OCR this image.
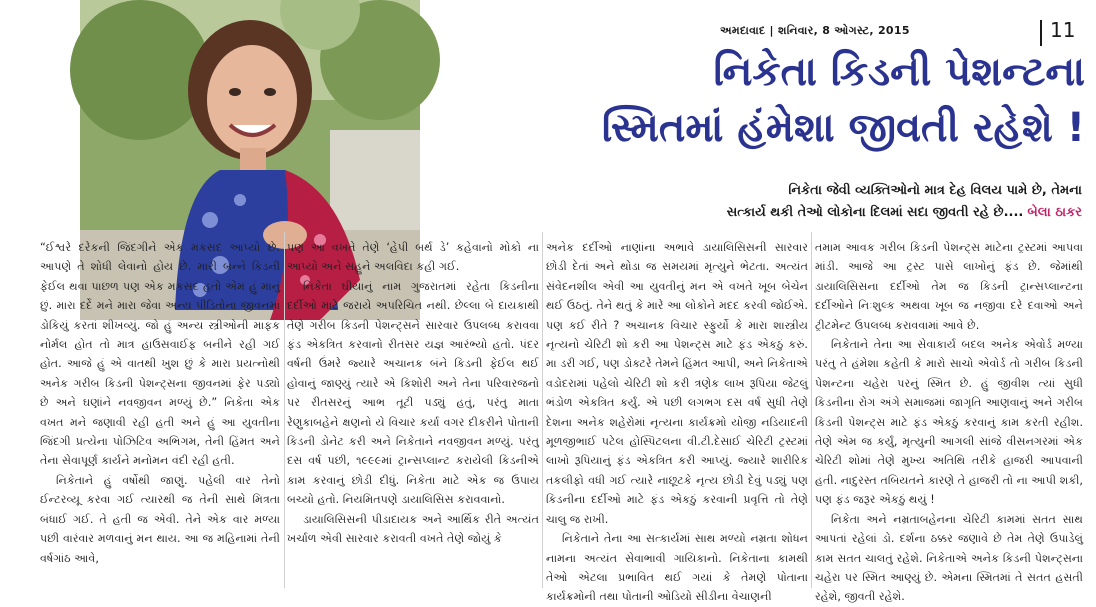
અમદાવાદ | શનિવાર, 8 ઓગસ્ટ, 2015	11
નિકેતા કિડની પેશન્ટના
સ્મિતમાં હંમેશા જીવતી રહેશે !
નિકેતા જેવી વ્યક્તિઓનો માત્ર દેહ વિલય પામે છે, તેમના
સત્કાર્ય થકી તેઓ લોકોના દિલમાં સદા જીવતી રહે છે.... બેલા ઠાકર

“ઈશ્વરે દરેકની જિંદગીને એક મકસદ આપ્યો છે. આપણે તે શોધી લેવાનો હોય છે. મારી બન્ને કિડની ફેઈલ થવા પાછળ પણ એક મકસદ હતો એમ હું માનું છું. મારા દર્દે મને મારા જેવા અન્ય પીડિતોના જીવનમાં ડોકિયું કરતાં શીખવ્યું. જો હું અન્ય સ્ત્રીઓની માફક નોર્મલ હોત તો માત્ર હાઉસવાઈફ બનીને રહી ગઈ હોત. આજે હું એ વાતથી ખુશ છું કે મારા પ્રયત્નોથી અનેક ગરીબ કિડની પેશન્ટ્સના જીવનમાં ફેર પડ્યો છે અને ઘણાંને નવજીવન મળ્યું છે.” નિકેતા એક વખત મને જણાવી રહી હતી અને હું આ યુવતીના જિંદગી પ્રત્યેના પોઝિટિવ અભિગમ, તેની હિંમત અને તેના સેવાપૂર્ણ કાર્યને મનોમન વંદી રહી હતી.

નિકેતાને હું વર્ષોથી જાણું. પહેલી વાર તેનો ઈન્ટરવ્યૂ કરવા ગઈ ત્યારથી જ તેની સાથે મિત્રતા બંધાઈ ગઈ. તે હતી જ એવી. તેને એક વાર મળ્યા પછી વારંવાર મળવાનું મન થાય. આ જ મહિનામાં તેની વર્ષગાંઠ આવે,

પણ આ વખતે તેણે ‘હેપી બર્થ ડે’ કહેવાનો મોકો ના આપ્યો અને સહુને અલવિદા કહી ગઈ.

નિકેતા ઘીયાનું નામ ગુજરાતમાં રહેતા કિડનીના દર્દીઓ માટે જરાયે અપરિચિત નથી. છેલ્લા બે દાયકાથી તેણે ગરીબ કિડની પેશન્ટ્સને સારવાર ઉપલબ્ધ કરાવવા ફંડ એકત્રિત કરવાનો રીતસર યજ્ઞ આરંભ્યો હતો. પંદર વર્ષની ઉંમરે જ્યારે અચાનક બંને કિડની ફેઈલ થઈ હોવાનું જાણ્યું ત્યારે એ કિશોરી અને તેના પરિવારજનો પર રીતસરનું આભ તૂટી પડ્યું હતું, પરંતુ માતા રેણુકાબહેને ક્ષણનો યે વિચાર કર્યા વગર દીકરીને પોતાની કિડની ડોનેટ કરી અને નિકેતાને નવજીવન મળ્યું. પરંતુ દસ વર્ષ પછી, ૧૯૯૯માં ટ્રાન્સપ્લાન્ટ કરાયેલી કિડનીએ કામ કરવાનું છોડી દીધું. નિકેતા માટે એક જ ઉપાય બચ્યો હતો. નિયમિતપણે ડાયાલિસિસ કરાવવાનો.

ડાયાલિસિસની પીડાદાયક અને આર્થિક રીતે અત્યંત ખર્ચાળ એવી સારવાર કરાવતી વખતે તેણે જોયું કે

અનેક દર્દીઓ નાણાંના અભાવે ડાયાલિસિસની સારવાર છોડી દેતાં અને થોડા જ સમયમાં મૃત્યુને ભેટતા. અત્યંત સંવેદનશીલ એવી આ યુવતીનું મન એ વખતે ખૂબ બેચેન થઈ ઉઠતું. તેને થતું કે મારે આ લોકોને મદદ કરવી જોઈએ. પણ કઈ રીતે ? અચાનક વિચાર સ્ફુર્યો કે મારા શાસ્ત્રીય નૃત્યનો ચેરિટી શો કરી આ પેશન્ટ્સ માટે ફંડ એકઠું કરું. મા ડરી ગઈ, પણ ડોક્ટરે તેમને હિંમત આપી, અને નિકેતાએ વડોદરામાં પહેલો ચેરિટી શો કરી ત્રણેક લાખ રૂપિયા જેટલું ભંડોળ એકત્રિત કર્યું. એ પછી લગભગ દસ વર્ષ સુધી તેણે દેશના અનેક શહેરોમાં નૃત્યના કાર્યક્રમો યોજી નડિયાદની મૂળજીભાઈ પટેલ હોસ્પિટલના વી.ટી.દેસાઈ ચેરિટી ટ્રસ્ટમાં લાખો રૂપિયાનું ફંડ એકત્રિત કરી આપ્યું. જ્યારે શારીરિક તકલીફો વધી ગઈ ત્યારે નાછૂટકે નૃત્ય છોડી દેવું પડ્યું પણ કિડનીના દર્દીઓ માટે ફંડ એકઠું કરવાની પ્રવૃત્તિ તો તેણે ચાલુ જ રાખી.

નિકેતાને તેના આ સત્કાર્યમાં સાથ મળ્યો નમ્રતા શોધન નામના અત્યંત સેવાભાવી ગાયિકાનો. નિકેતાના કામથી તેઓ એટલા પ્રભાવિત થઈ ગયાં કે તેમણે પોતાના કાર્યક્રમોની તથા પોતાની ઓડિયો સીડીના વેચાણની

તમામ આવક ગરીબ કિડની પેશન્ટ્સ માટેના ટ્રસ્ટમાં આપવા માંડી. આજે આ ટ્રસ્ટ પાસે લાખોનું ફંડ છે. જેમાંથી ડાયાલિસિસના દર્દીઓ તેમ જ કિડની ટ્રાન્સપ્લાન્ટના દર્દીઓને નિઃશુલ્ક અથવા ખૂબ જ નજીવા દરે દવાઓ અને ટ્રીટમેન્ટ ઉપલબ્ધ કરાવવામાં આવે છે.

નિકેતાને તેના આ સેવાકાર્ય બદલ અનેક એવોર્ડ મળ્યા પરંતુ તે હંમેશા કહેતી કે મારો સાચો એવોર્ડ તો ગરીબ કિડની પેશન્ટના ચહેરા પરનું સ્મિત છે. હું જીવીશ ત્યાં સુધી કિડનીના રોગ અંગે સમાજમાં જાગૃતિ આણવાનું અને ગરીબ કિડની પેશન્ટ્સ માટે ફંડ એકઠું કરવાનું કામ કરતી રહીશ. તેણે એમ જ કર્યું, મૃત્યુની આગલી સાંજે વીસનગરમાં એક ચેરિટી શોમાં તેણે મુખ્ય અતિથિ તરીકે હાજરી આપવાની હતી. નાદુરસ્ત તબિયતને કારણે તે હાજરી તો ના આપી શકી, પણ ફંડ જરૂર એકઠું થયું !

નિકેતા અને નમ્રતાબહેનના ચેરિટી કામમાં સતત સાથ આપતાં રહેલાં ડો. દર્શના ઠક્કર જણાવે છે તેમ તેણે ઉપાડેલું કામ સતત ચાલતું રહેશે. નિકેતાએ અનેક કિડની પેશન્ટ્સના ચહેરા પર સ્મિત આણ્યું છે. એમના સ્મિતમાં તે સતત હસતી રહેશે, જીવતી રહેશે.
